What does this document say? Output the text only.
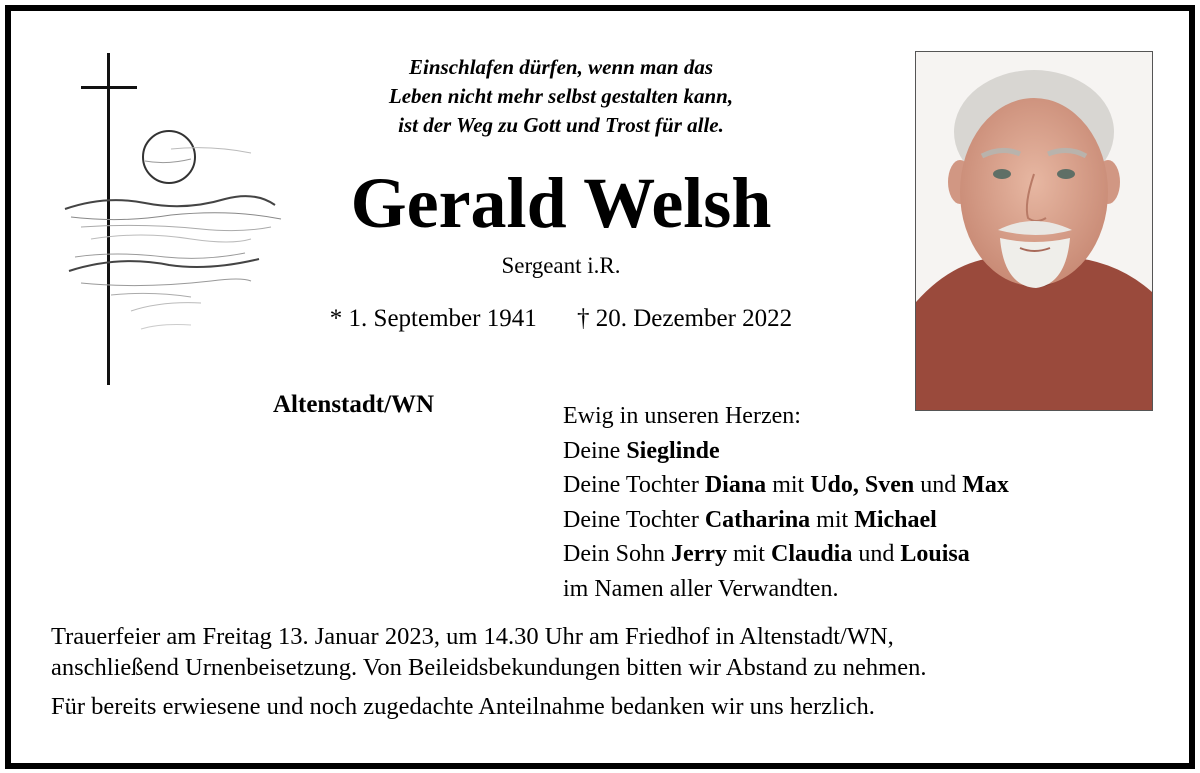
Einschlafen dürfen, wenn man das
Leben nicht mehr selbst gestalten kann,
ist der Weg zu Gott und Trost für alle.
Gerald Welsh
Sergeant i.R.
* 1. September 1941 † 20. Dezember 2022
Altenstadt/WN	Ewig in unseren Herzen:
Deine Sieglinde
Deine Tochter Diana mit Udo, Sven und Max
Deine Tochter Catharina mit Michael
Dein Sohn Jerry mit Claudia und Louisa
im Namen aller Verwandten.
Trauerfeier am Freitag 13. Januar 2023, um 14.30 Uhr am Friedhof in Altenstadt/WN,
anschließend Urnenbeisetzung. Von Beileidsbekundungen bitten wir Abstand zu nehmen.
Für bereits erwiesene und noch zugedachte Anteilnahme bedanken wir uns herzlich.
